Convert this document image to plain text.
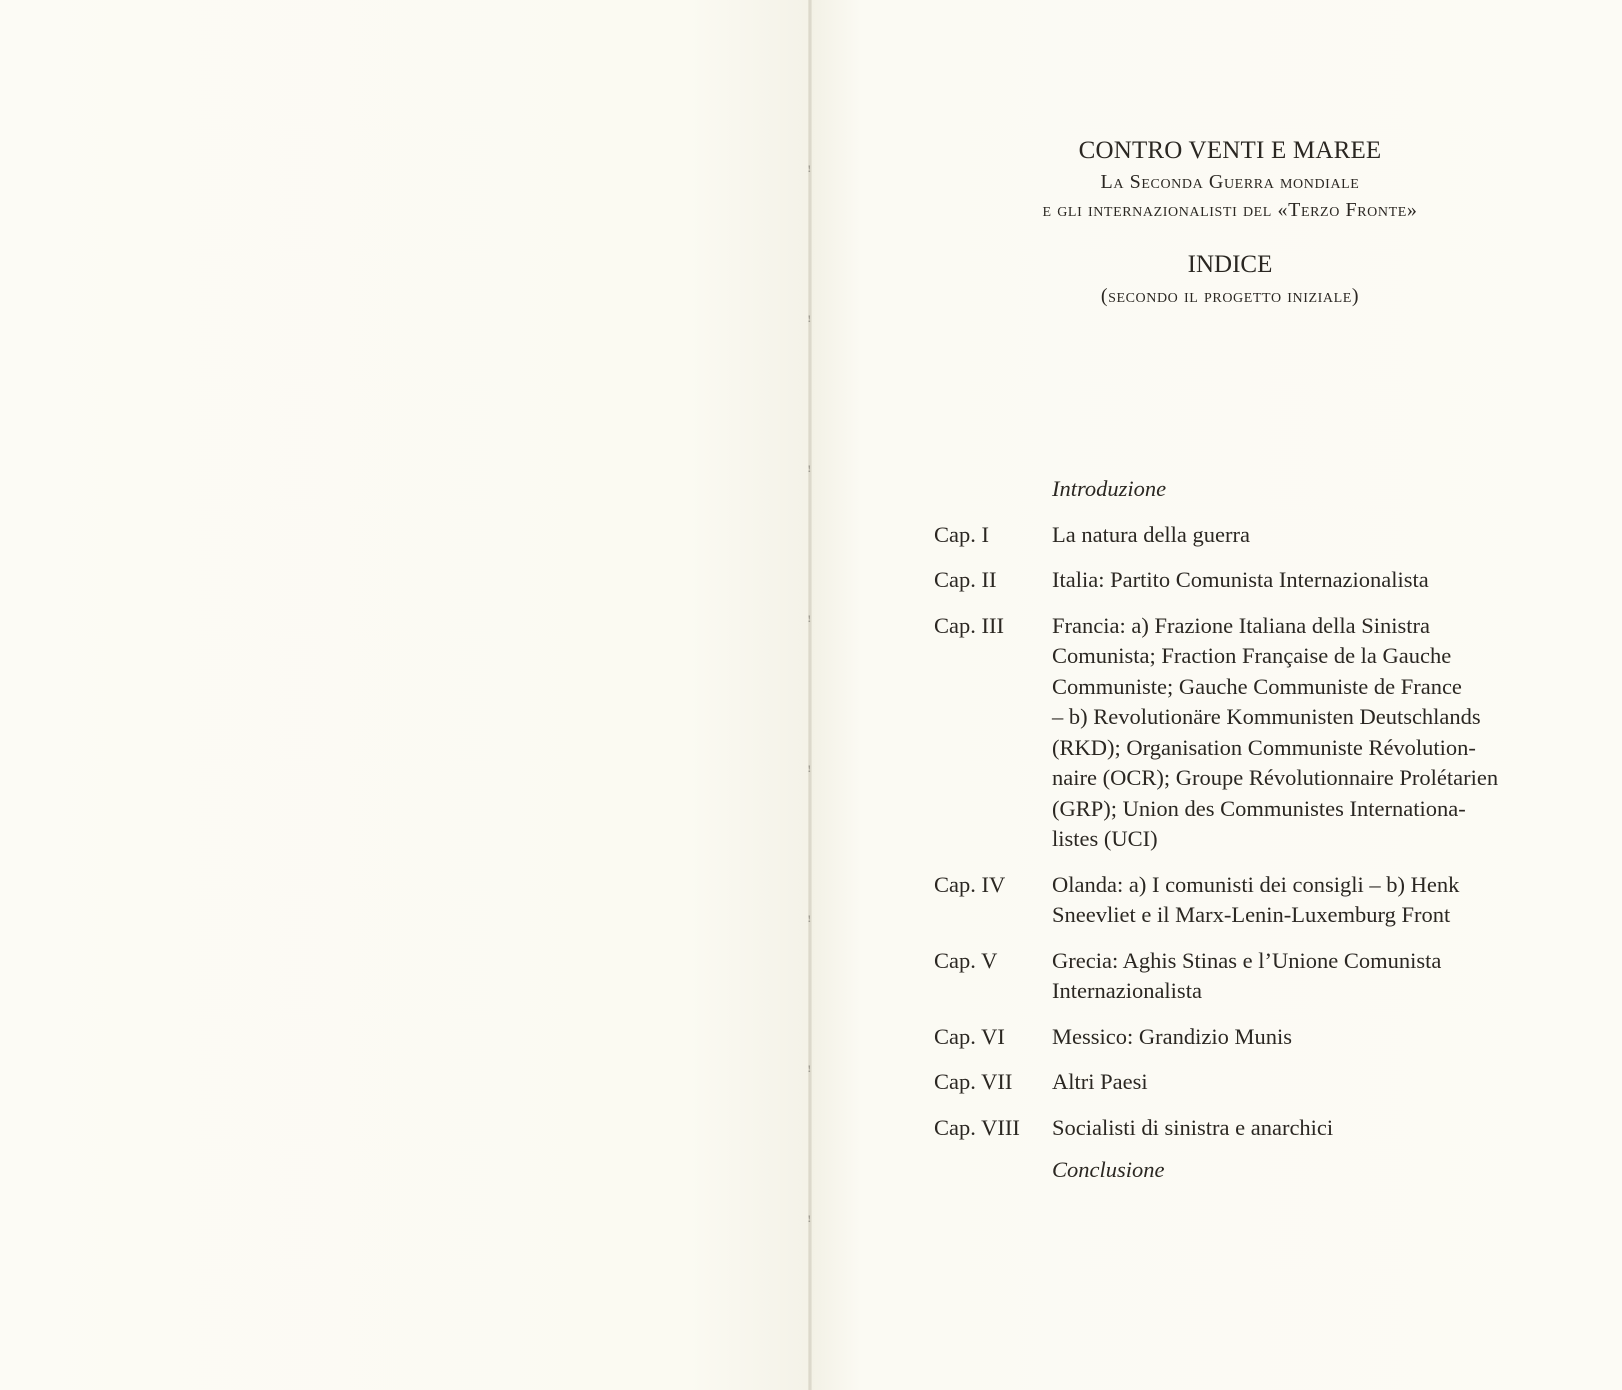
ꜝ
ꜝ
ꜝ
ꜝ
ꜝ
ꜝ
ꜝ
ꜝ
CONTRO VENTI E MAREE
La Seconda Guerra mondiale
e gli internazionalisti del «Terzo Fronte»
INDICE
(secondo il progetto iniziale)
Introduzione
Cap. I	La natura della guerra
Cap. II	Italia: Partito Comunista Internazionalista
Cap. III	Francia: a) Frazione Italiana della Sinistra
Comunista; Fraction Française de la Gauche
Communiste; Gauche Communiste de France
– b) Revolutionäre Kommunisten Deutschlands
(RKD); Organisation Communiste Révolution-
naire (OCR); Groupe Révolutionnaire Prolétarien
(GRP); Union des Communistes Internationa-
listes (UCI)
Cap. IV	Olanda: a) I comunisti dei consigli – b) Henk
Sneevliet e il Marx-Lenin-Luxemburg Front
Cap. V	Grecia: Aghis Stinas e l’Unione Comunista
Internazionalista
Cap. VI	Messico: Grandizio Munis
Cap. VII	Altri Paesi
Cap. VIII	Socialisti di sinistra e anarchici
Conclusione
